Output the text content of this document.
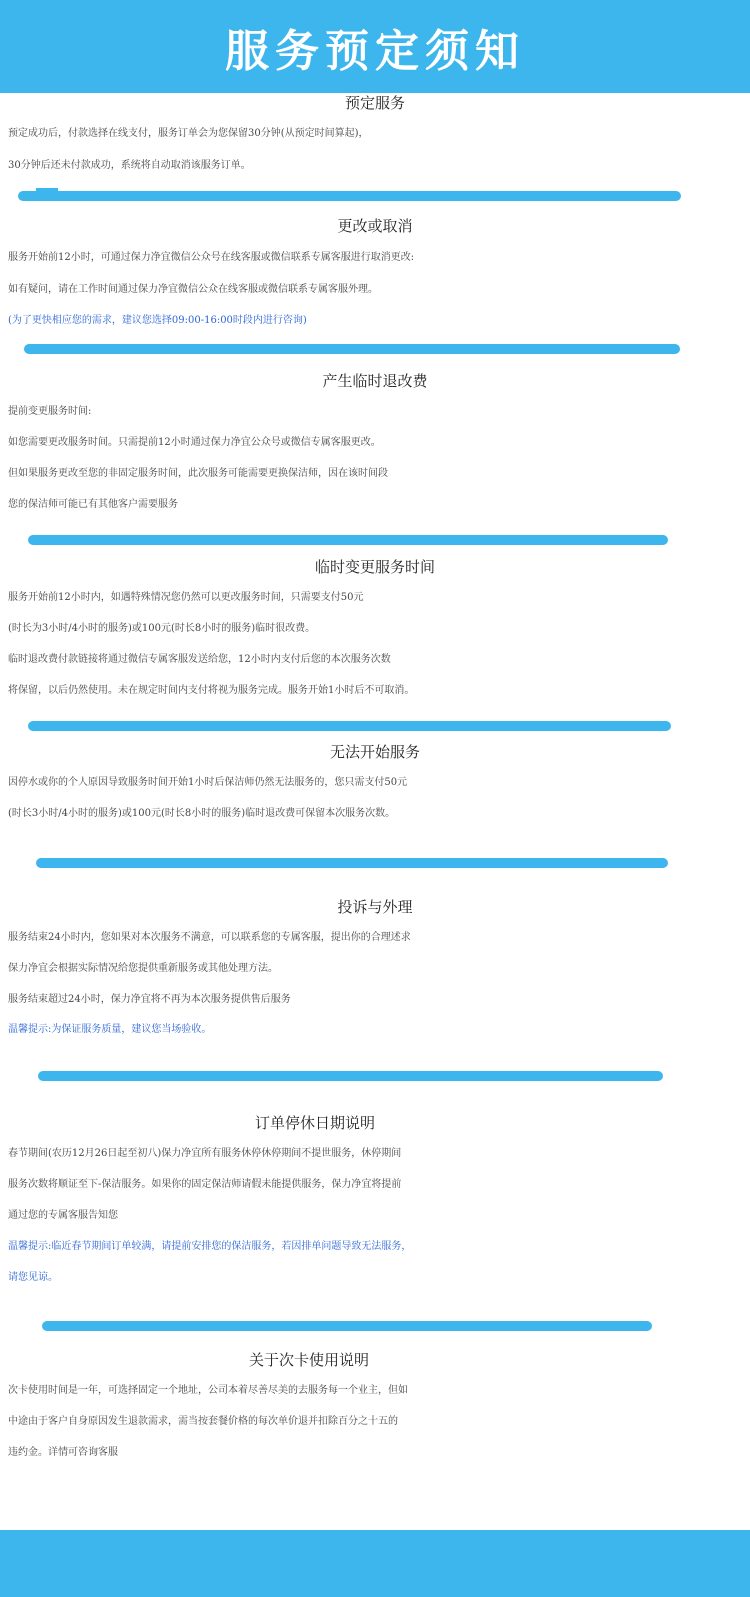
服务预定须知
预定服务
预定成功后，付款选择在线支付，服务订单会为您保留30分钟(从预定时间算起)，
30分钟后还未付款成功，系统将自动取消该服务订单。
更改或取消
服务开始前12小时，可通过保力净宜微信公众号在线客服或微信联系专属客服进行取消更改:
如有疑问，请在工作时间通过保力净宜微信公众在线客服或微信联系专属客服外理。
(为了更快相应您的需求，建议您选择09:00-16:00时段内进行咨询)
产生临时退改费
提前变更服务时间:
如您需要更改服务时间。只需提前12小时通过保力净宜公众号或微信专属客服更改。
但如果服务更改至您的非固定服务时间，此次服务可能需要更换保洁师，因在该时间段
您的保洁师可能已有其他客户需要服务
临时变更服务时间
服务开始前12小时内，如遇特殊情况您仍然可以更改服务时间，只需要支付50元
(时长为3小时/4小时的服务)或100元(时长8小时的服务)临时很改费。
临时退改费付款链接将通过微信专属客服发送给您，12小时内支付后您的本次服务次数
将保留，以后仍然使用。未在规定时间内支付将视为服务完成。服务开始1小时后不可取消。
无法开始服务
因停水或你的个人原因导致服务时间开始1小时后保洁师仍然无法服务的，您只需支付50元
(时长3小时/4小时的服务)或100元(时长8小时的服务)临时退改费可保留本次服务次数。
投诉与外理
服务结束24小时内，您如果对本次服务不满意，可以联系您的专属客服，提出你的合理述求
保力净宜会根据实际情况给您提供重新服务或其他处理方法。
服务结束超过24小时，保力净宜将不再为本次服务提供售后服务
温馨提示:为保证服务质量，建议您当场验收。
订单停休日期说明
春节期间(农历12月26日起至初八)保力净宜所有服务休停休停期间不提世服务，休停期间
服务次数将顺证至下-保洁服务。如果你的固定保洁师请假未能提供服务，保力净宜将提前
通过您的专属客服告知您
温馨提示:临近春节期间订单较满，请提前安排您的保洁服务，若因排单问题导致无法服务，
请您见谅。
关于次卡使用说明
次卡使用时间是一年，可选择固定一个地址，公司本着尽善尽美的去服务每一个业主，但如
中途由于客户自身原因发生退款需求，需当按套餐价格的每次单价退并扣除百分之十五的
违约金。详情可咨询客服
